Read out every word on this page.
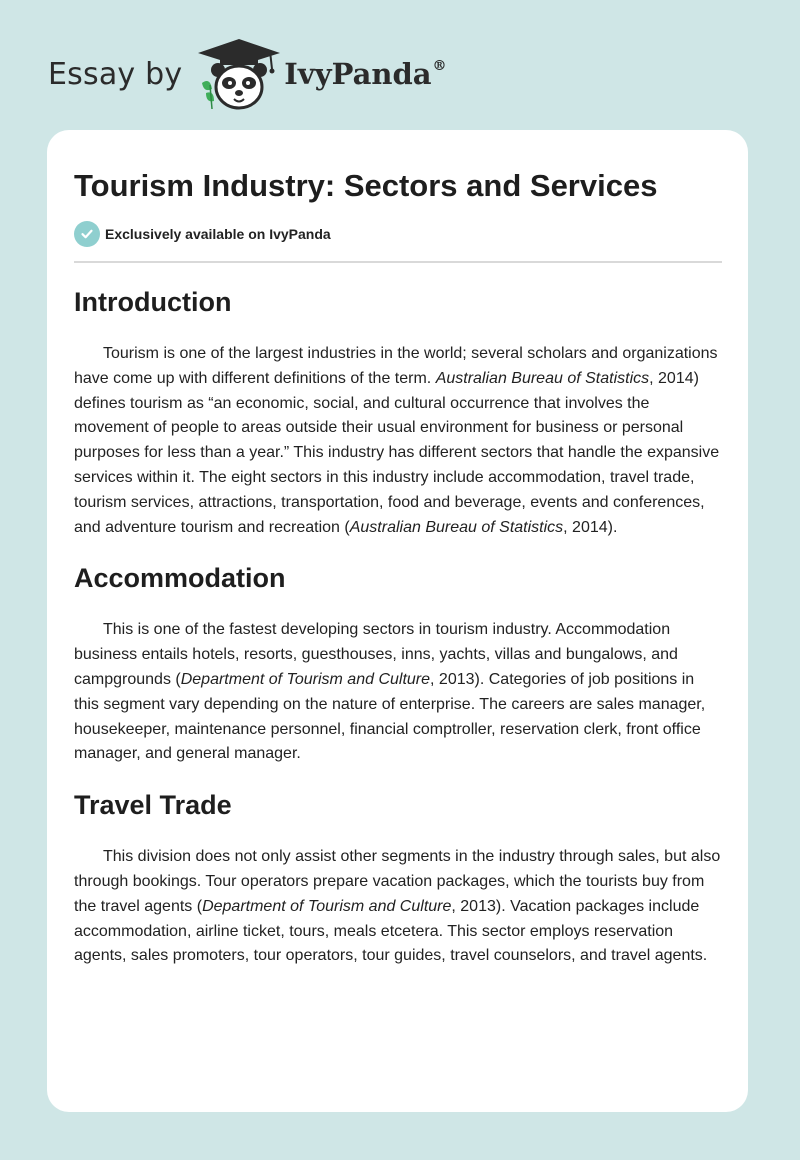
Essay by	IvyPanda®
Tourism Industry: Sectors and Services
Exclusively available on IvyPanda
Introduction

Tourism is one of the largest industries in the world; several scholars and organizations have come up with different definitions of the term. Australian Bureau of Statistics, 2014) defines tourism as “an economic, social, and cultural occurrence that involves the movement of people to areas outside their usual environment for business or personal purposes for less than a year.” This industry has different sectors that handle the expansive services within it. The eight sectors in this industry include accommodation, travel trade, tourism services, attractions, transportation, food and beverage, events and conferences, and adventure tourism and recreation (Australian Bureau of Statistics, 2014).

Accommodation

This is one of the fastest developing sectors in tourism industry. Accommodation business entails hotels, resorts, guesthouses, inns, yachts, villas and bungalows, and campgrounds (Department of Tourism and Culture, 2013). Categories of job positions in this segment vary depending on the nature of enterprise. The careers are sales manager, housekeeper, maintenance personnel, financial comptroller, reservation clerk, front office manager, and general manager.

Travel Trade

This division does not only assist other segments in the industry through sales, but also through bookings. Tour operators prepare vacation packages, which the tourists buy from the travel agents (Department of Tourism and Culture, 2013). Vacation packages include accommodation, airline ticket, tours, meals etcetera. This sector employs reservation agents, sales promoters, tour operators, tour guides, travel counselors, and travel agents.
